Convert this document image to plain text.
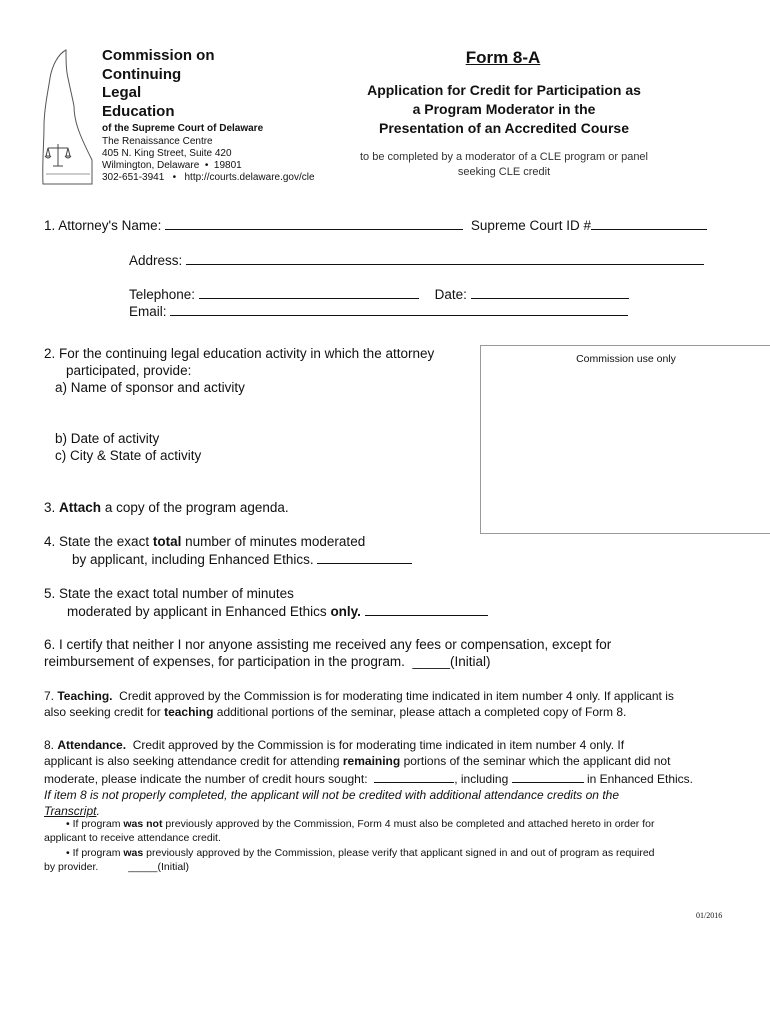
Commission on
Continuing
Legal
Education
of the Supreme Court of Delaware
The Renaissance Centre
405 N. King Street, Suite 420
Wilmington, Delaware • 19801
302-651-3941 • http://courts.delaware.gov/cle
Form 8-A
Application for Credit for Participation as
a Program Moderator in the
Presentation of an Accredited Course
to be completed by a moderator of a CLE program or panel
seeking CLE credit
1. Attorney's Name:	Supreme Court ID #
Address:
Telephone:	Date:
Email:
Commission use only
2. For the continuing legal education activity in which the attorney
participated, provide:
a) Name of sponsor and activity
b) Date of activity
c) City & State of activity
3. Attach a copy of the program agenda.
4. State the exact total number of minutes moderated
by applicant, including Enhanced Ethics.
5. State the exact total number of minutes
moderated by applicant in Enhanced Ethics only.
6. I certify that neither I nor anyone assisting me received any fees or compensation, except for
reimbursement of expenses, for participation in the program. _____(Initial)
7. Teaching. Credit approved by the Commission is for moderating time indicated in item number 4 only. If applicant is
also seeking credit for teaching additional portions of the seminar, please attach a completed copy of Form 8.
8. Attendance. Credit approved by the Commission is for moderating time indicated in item number 4 only. If
applicant is also seeking attendance credit for attending remaining portions of the seminar which the applicant did not
moderate, please indicate the number of credit hours sought:	, including	in Enhanced Ethics.
If item 8 is not properly completed, the applicant will not be credited with additional attendance credits on the
Transcript.
• If program was not previously approved by the Commission, Form 4 must also be completed and attached hereto in order for
applicant to receive attendance credit.
• If program was previously approved by the Commission, please verify that applicant signed in and out of program as required
by provider.	_____(Initial)
01/2016
